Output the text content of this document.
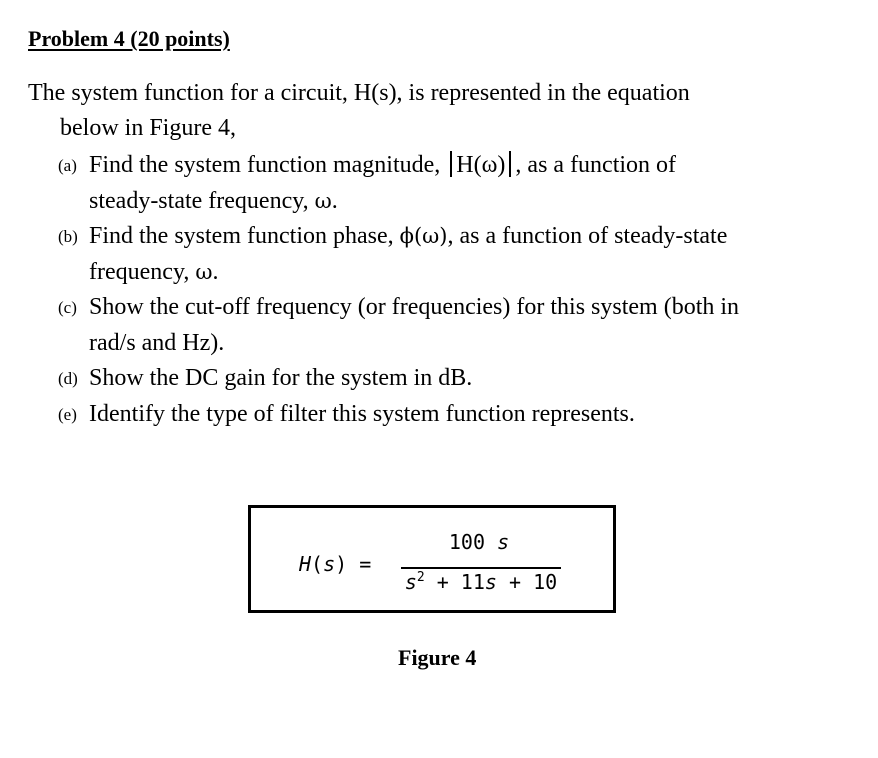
Problem 4 (20 points)

The system function for a circuit, H(s), is represented in the equation
below in Figure 4,

(a) Find the system function magnitude, H(ω) , as a function of
steady-state frequency, ω.
(b) Find the system function phase, ϕ(ω), as a function of steady-state
frequency, ω.
(c) Show the cut-off frequency (or frequencies) for this system (both in
rad/s and Hz).
(d) Show the DC gain for the system in dB.
(e) Identify the type of filter this system function represents.
H(s) =
100 s
$s^2 + 11s + 10$

Figure 4
